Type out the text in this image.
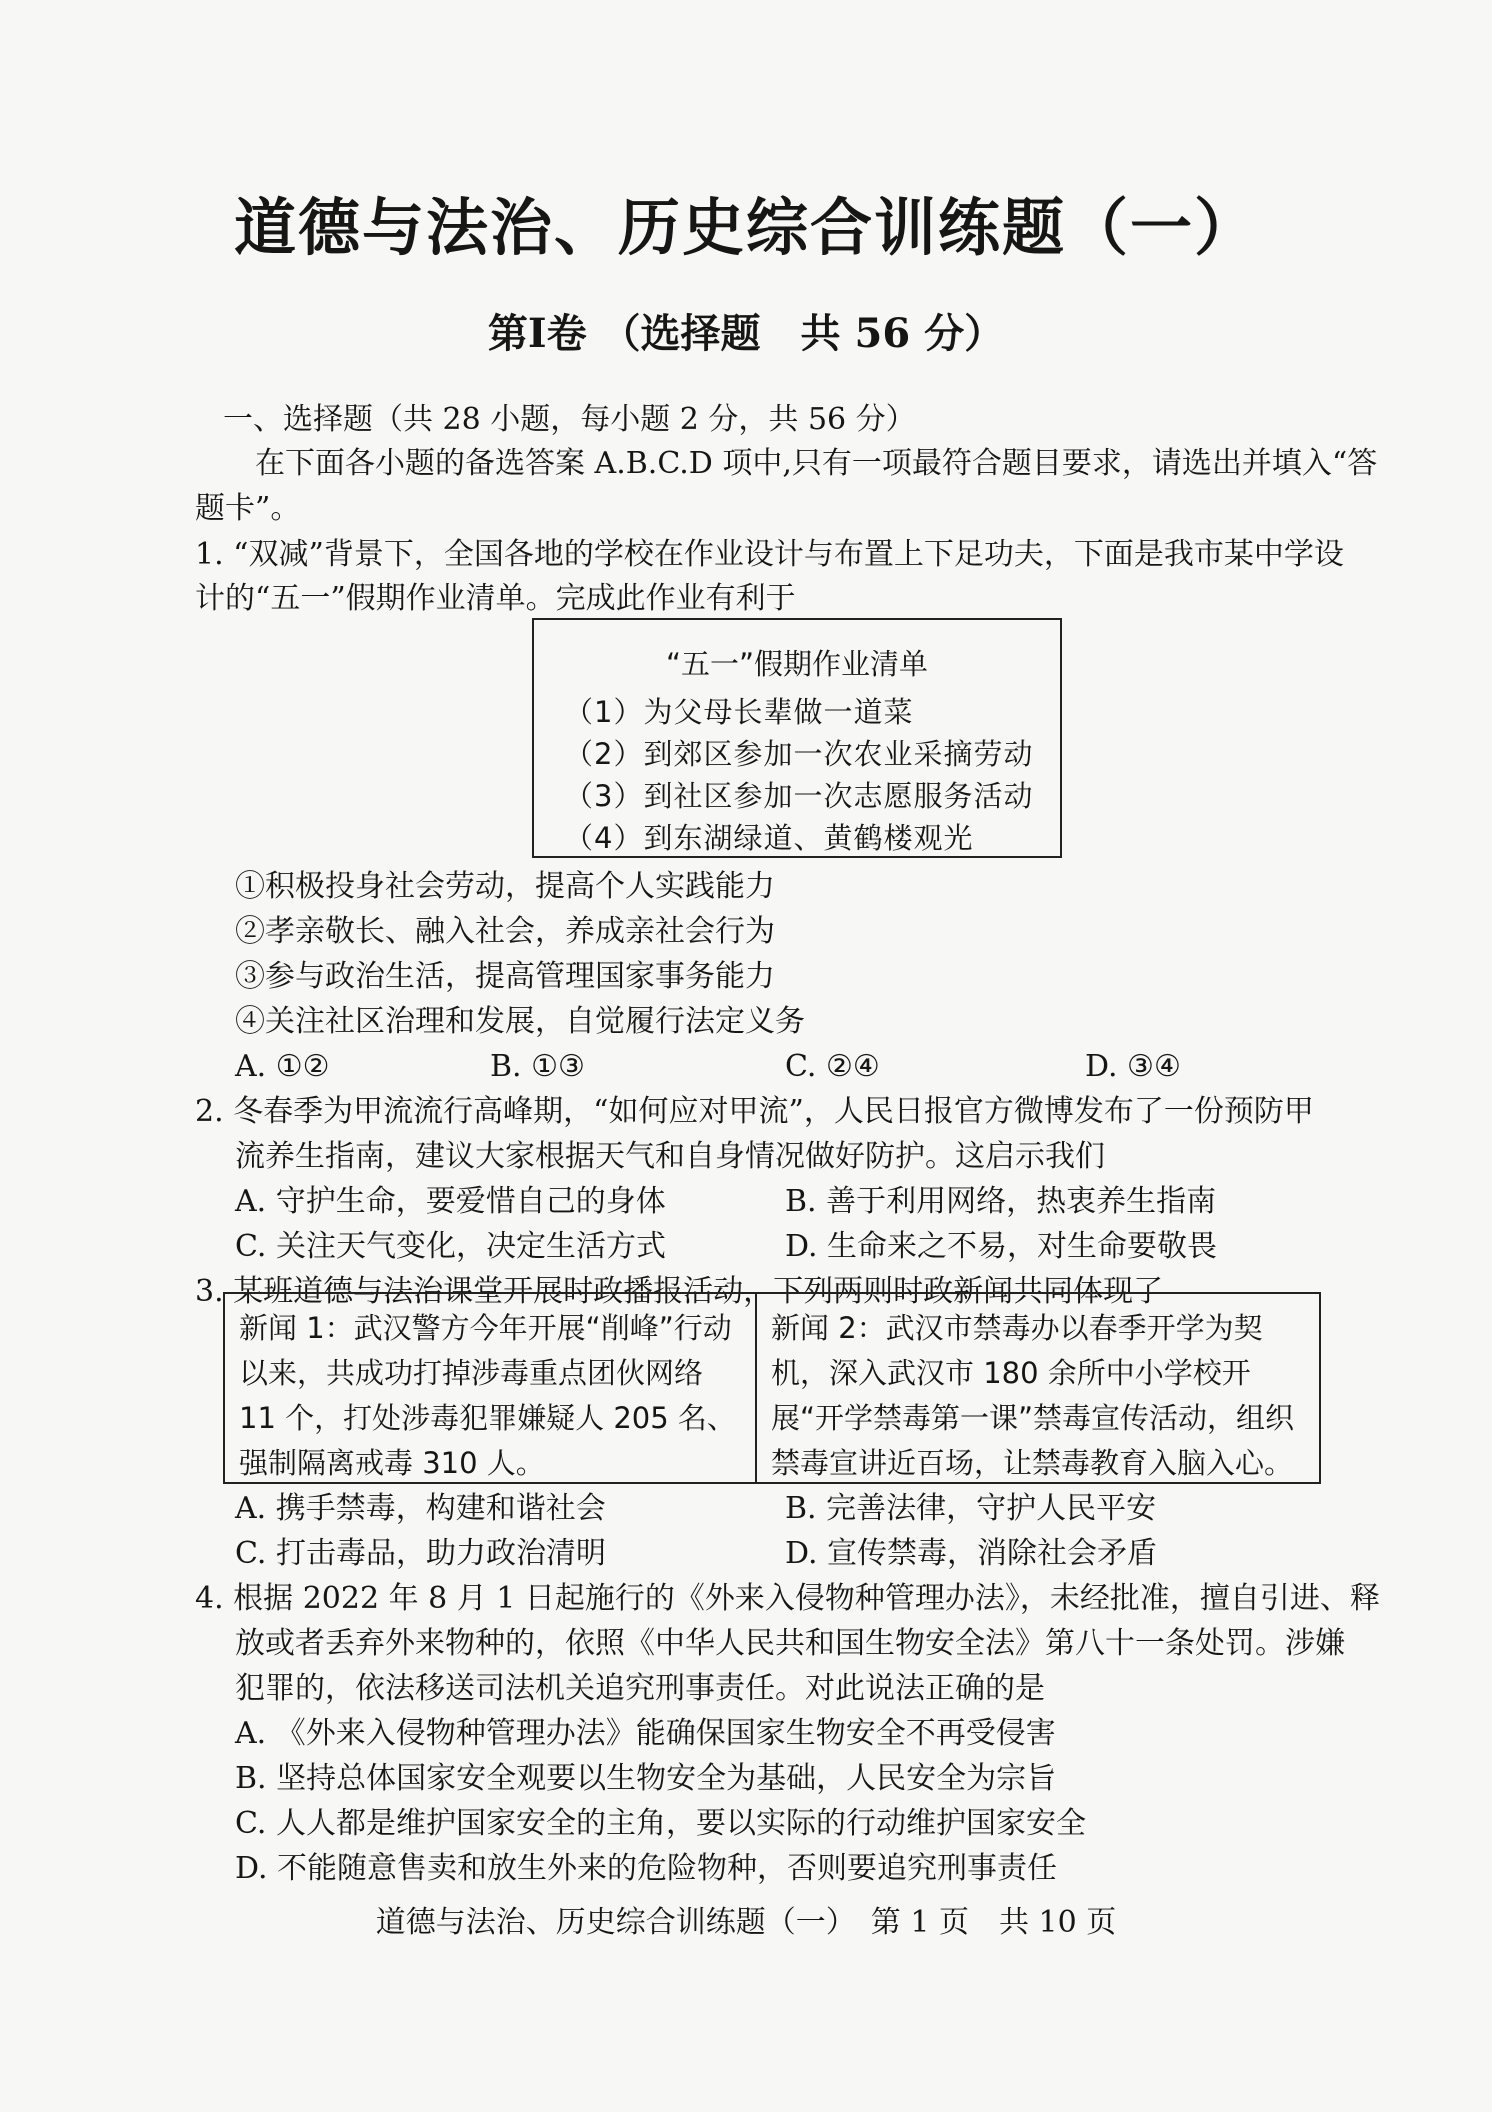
道德与法治、历史综合训练题（一）
第Ⅰ卷 （选择题　共 56 分）
一、选择题（共 28 小题，每小题 2 分，共 56 分）
在下面各小题的备选答案 A.B.C.D 项中,只有一项最符合题目要求，请选出并填入“答
题卡”。
1. “双减”背景下，全国各地的学校在作业设计与布置上下足功夫，下面是我市某中学设
计的“五一”假期作业清单。完成此作业有利于
“五一”假期作业清单
（1）为父母长辈做一道菜
（2）到郊区参加一次农业采摘劳动
（3）到社区参加一次志愿服务活动
（4）到东湖绿道、黄鹤楼观光
①积极投身社会劳动，提高个人实践能力
②孝亲敬长、融入社会，养成亲社会行为
③参与政治生活，提高管理国家事务能力
④关注社区治理和发展，自觉履行法定义务
A. ①②	B. ①③	C. ②④	D. ③④
2. 冬春季为甲流流行高峰期，“如何应对甲流”，人民日报官方微博发布了一份预防甲
流养生指南，建议大家根据天气和自身情况做好防护。这启示我们
A. 守护生命，要爱惜自己的身体	B. 善于利用网络，热衷养生指南
C. 关注天气变化，决定生活方式	D. 生命来之不易，对生命要敬畏
3. 某班道德与法治课堂开展时政播报活动，下列两则时政新闻共同体现了
新闻 1：武汉警方今年开展“削峰”行动以来，共成功打掉涉毒重点团伙网络 11 个，打处涉毒犯罪嫌疑人 205 名、强制隔离戒毒 310 人。
新闻 2：武汉市禁毒办以春季开学为契机，深入武汉市 180 余所中小学校开展“开学禁毒第一课”禁毒宣传活动，组织禁毒宣讲近百场，让禁毒教育入脑入心。
A. 携手禁毒，构建和谐社会	B. 完善法律，守护人民平安
C. 打击毒品，助力政治清明	D. 宣传禁毒，消除社会矛盾
4. 根据 2022 年 8 月 1 日起施行的《外来入侵物种管理办法》，未经批准，擅自引进、释
放或者丢弃外来物种的，依照《中华人民共和国生物安全法》第八十一条处罚。涉嫌
犯罪的，依法移送司法机关追究刑事责任。对此说法正确的是
A. 《外来入侵物种管理办法》能确保国家生物安全不再受侵害
B. 坚持总体国家安全观要以生物安全为基础，人民安全为宗旨
C. 人人都是维护国家安全的主角，要以实际的行动维护国家安全
D. 不能随意售卖和放生外来的危险物种，否则要追究刑事责任
道德与法治、历史综合训练题（一）　第 1 页　共 10 页
